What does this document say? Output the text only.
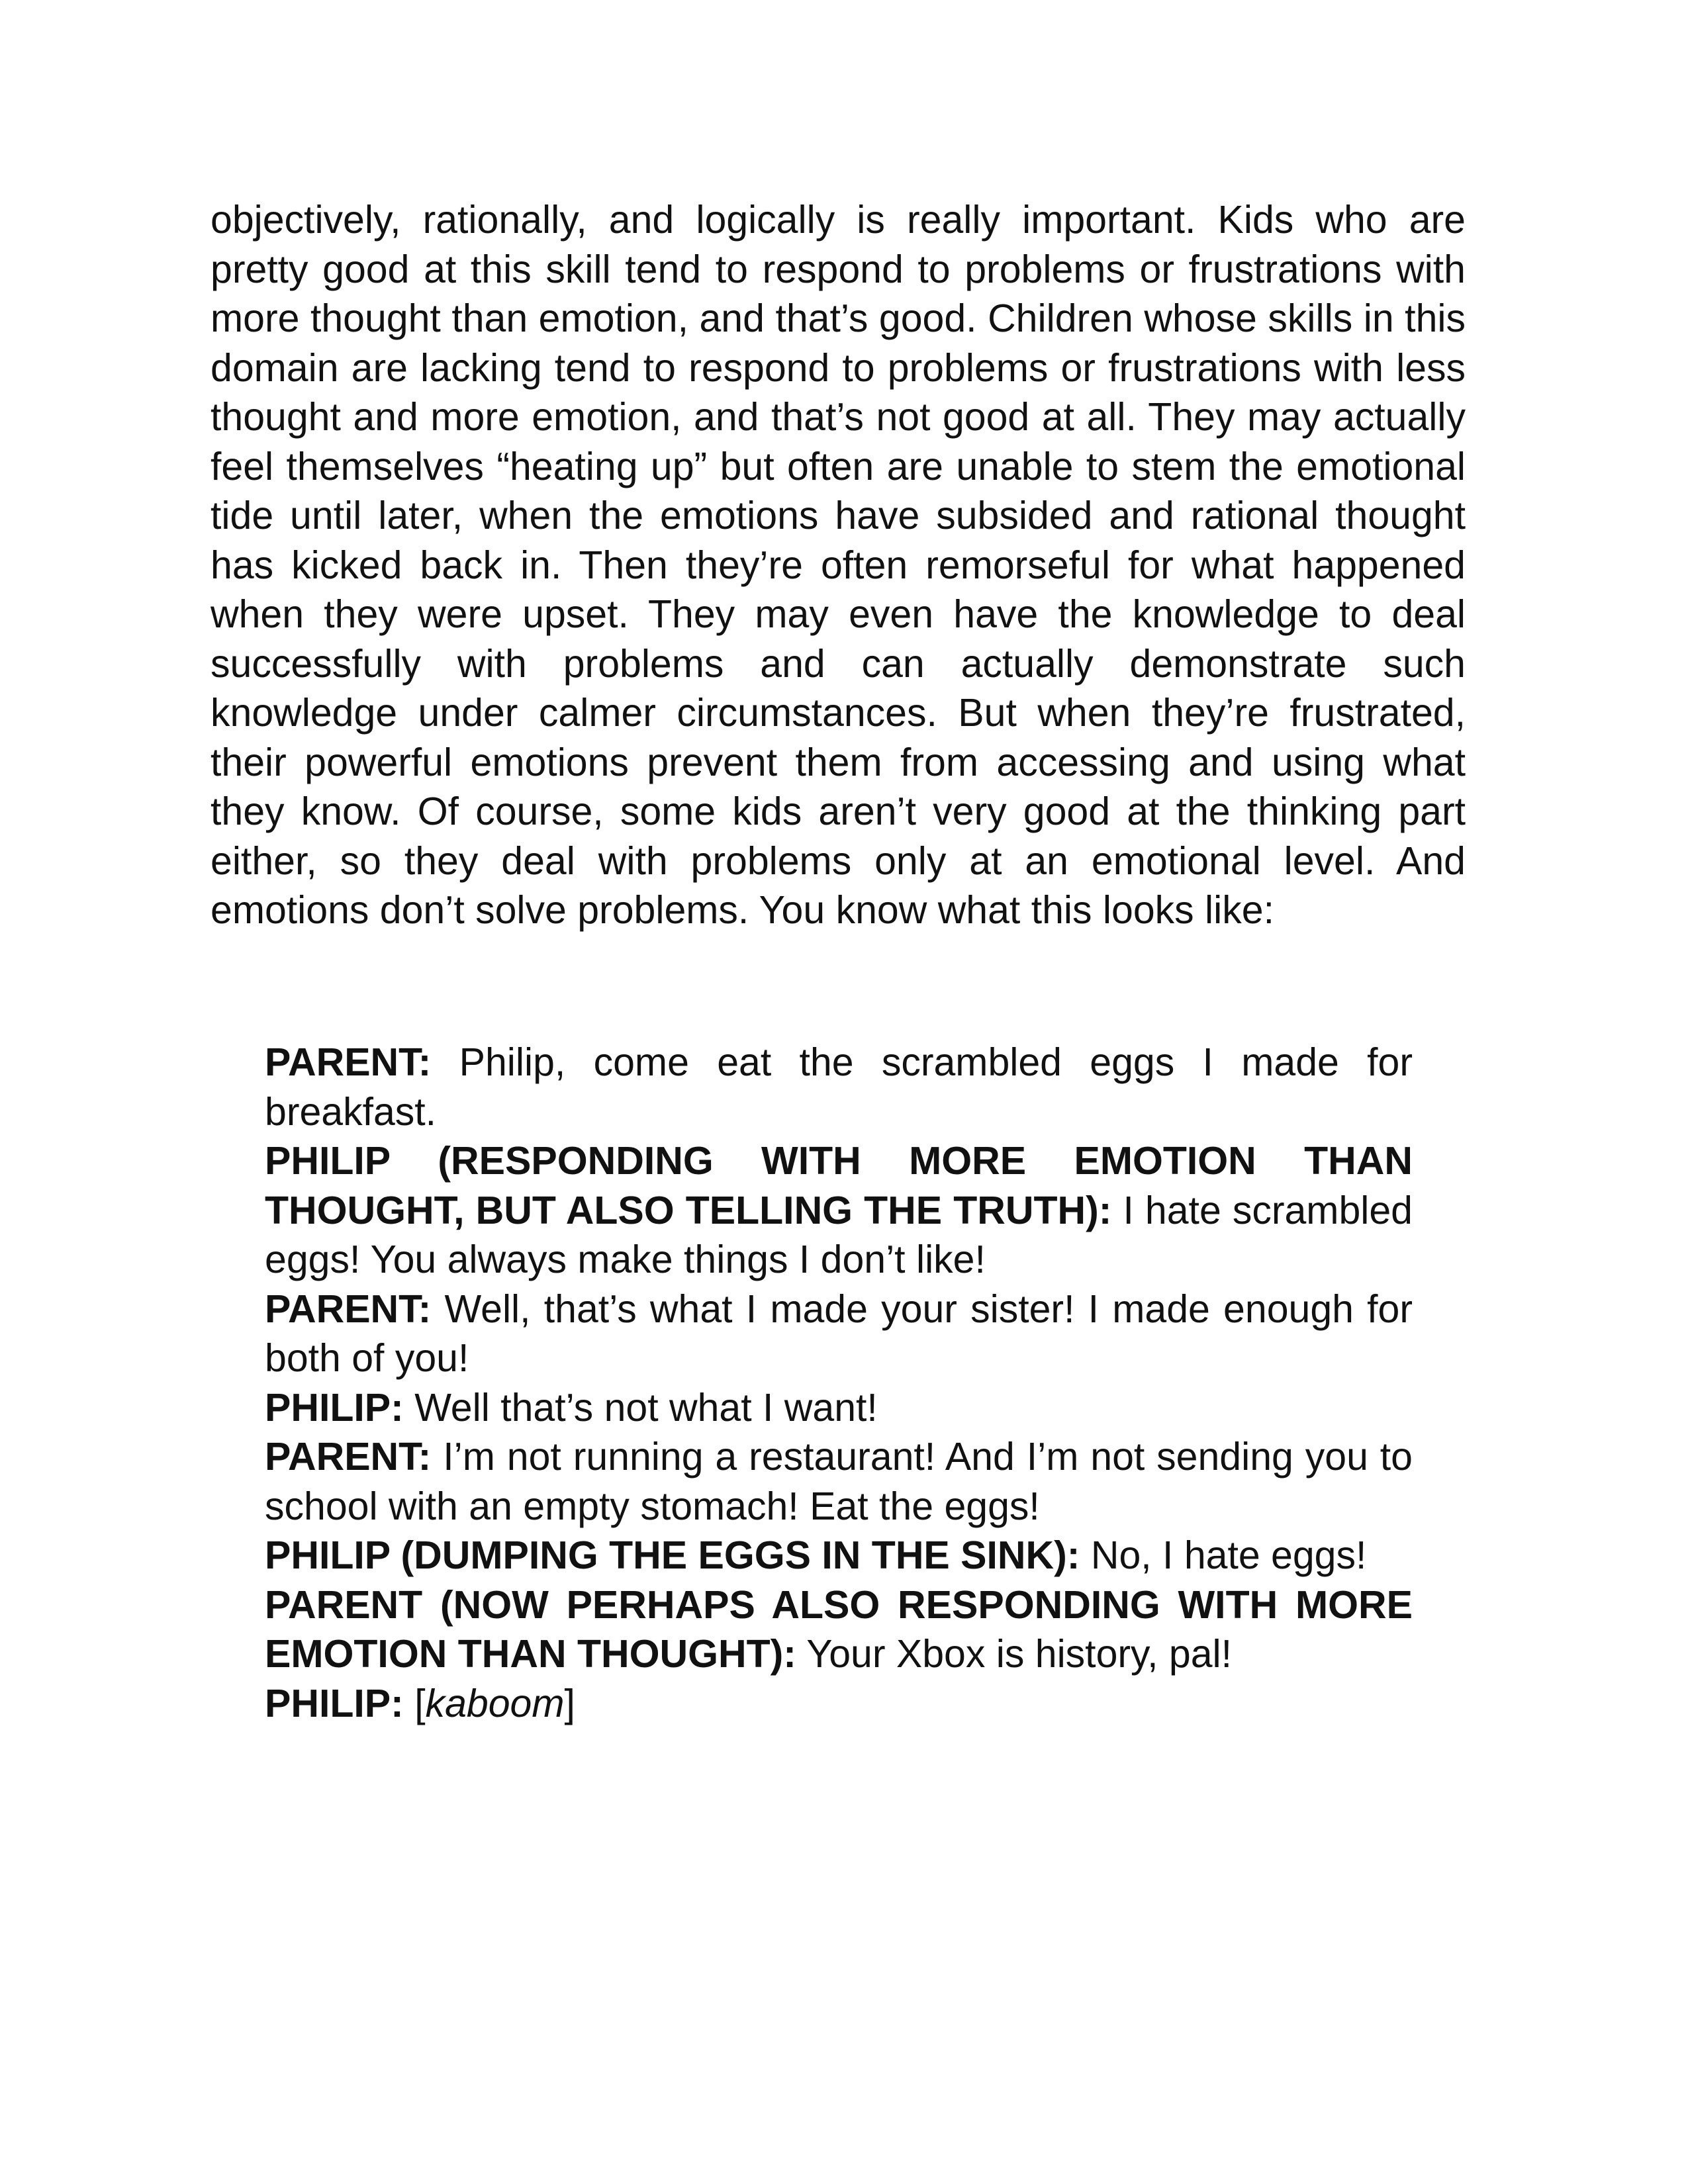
objectively, rationally, and logically is really important. Kids who are pretty good at this skill tend to respond to problems or frustrations with more thought than emotion, and that’s good. Children whose skills in this domain are lacking tend to respond to problems or frustrations with less thought and more emotion, and that’s not good at all. They may actually feel themselves “heating up” but often are unable to stem the emotional tide until later, when the emotions have subsided and rational thought has kicked back in. Then they’re often remorseful for what happened when they were upset. They may even have the knowledge to deal successfully with problems and can actually demonstrate such knowledge under calmer circumstances. But when they’re frustrated, their powerful emotions prevent them from accessing and using what they know. Of course, some kids aren’t very good at the thinking part either, so they deal with problems only at an emotional level. And emotions don’t solve problems. You know what this looks like:

PARENT: Philip, come eat the scrambled eggs I made for breakfast.

PHILIP (RESPONDING WITH MORE EMOTION THAN THOUGHT, BUT ALSO TELLING THE TRUTH): I hate scrambled eggs! You always make things I don’t like!

PARENT: Well, that’s what I made your sister! I made enough for both of you!

PHILIP: Well that’s not what I want!

PARENT: I’m not running a restaurant! And I’m not sending you to school with an empty stomach! Eat the eggs!

PHILIP (DUMPING THE EGGS IN THE SINK): No, I hate eggs!

PARENT (NOW PERHAPS ALSO RESPONDING WITH MORE EMOTION THAN THOUGHT): Your Xbox is history, pal!

PHILIP: [kaboom]
